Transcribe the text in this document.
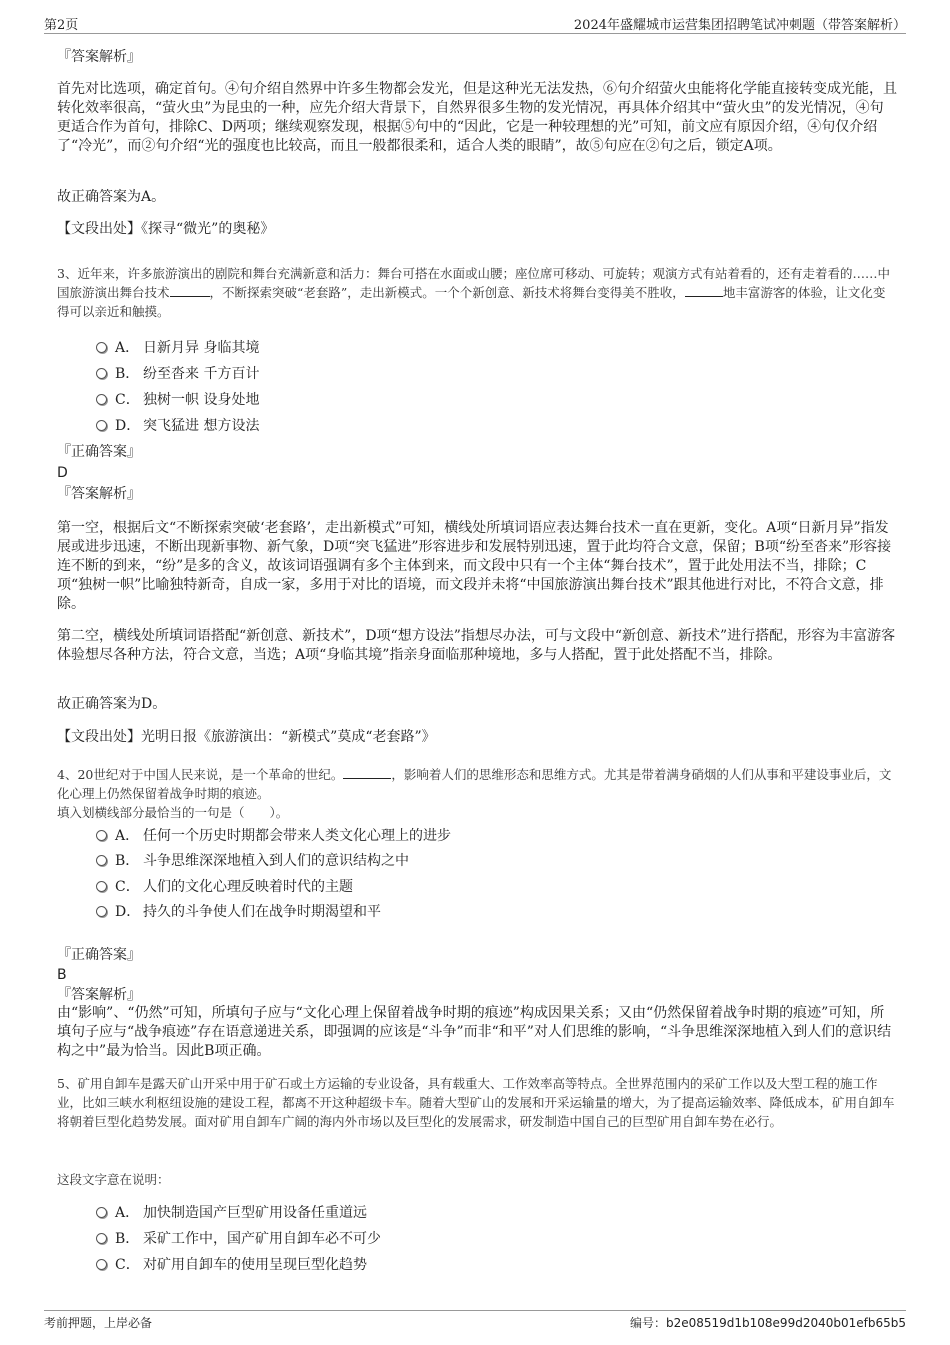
第2页	2024年盛耀城市运营集团招聘笔试冲刺题（带答案解析）
『答案解析』
首先对比选项，确定首句。④句介绍自然界中许多生物都会发光，但是这种光无法发热，⑥句介绍萤火虫能将化学能直接转变成光能，且转化效率很高，“萤火虫”为昆虫的一种，应先介绍大背景下，自然界很多生物的发光情况，再具体介绍其中“萤火虫”的发光情况，④句更适合作为首句，排除C、D两项；继续观察发现，根据⑤句中的“因此，它是一种较理想的光”可知，前文应有原因介绍，④句仅介绍了“冷光”，而②句介绍“光的强度也比较高，而且一般都很柔和，适合人类的眼睛”，故⑤句应在②句之后，锁定A项。
故正确答案为A。
【文段出处】《探寻“微光”的奥秘》
3、近年来，许多旅游演出的剧院和舞台充满新意和活力：舞台可搭在水面或山腰；座位席可移动、可旋转；观演方式有站着看的，还有走着看的……中国旅游演出舞台技术	，不断探索突破“老套路”，走出新模式。一个个新创意、新技术将舞台变得美不胜收，	地丰富游客的体验，让文化变得可以亲近和触摸。
A． 日新月异 身临其境
B． 纷至沓来 千方百计
C． 独树一帜 设身处地
D． 突飞猛进 想方设法
『正确答案』
D
『答案解析』
第一空，根据后文“不断探索突破‘老套路’，走出新模式”可知，横线处所填词语应表达舞台技术一直在更新，变化。A项“日新月异”指发展或进步迅速，不断出现新事物、新气象，D项“突飞猛进”形容进步和发展特别迅速，置于此均符合文意，保留；B项“纷至沓来”形容接连不断的到来，“纷”是多的含义，故该词语强调有多个主体到来，而文段中只有一个主体“舞台技术”，置于此处用法不当，排除；C项“独树一帜”比喻独特新奇，自成一家，多用于对比的语境，而文段并未将“中国旅游演出舞台技术”跟其他进行对比，不符合文意，排除。
第二空，横线处所填词语搭配“新创意、新技术”，D项“想方设法”指想尽办法，可与文段中“新创意、新技术”进行搭配，形容为丰富游客体验想尽各种方法，符合文意，当选；A项“身临其境”指亲身面临那种境地，多与人搭配，置于此处搭配不当，排除。
故正确答案为D。
【文段出处】光明日报《旅游演出：“新模式”莫成“老套路”》
4、20世纪对于中国人民来说，是一个革命的世纪。	，影响着人们的思维形态和思维方式。尤其是带着满身硝烟的人们从事和平建设事业后，文化心理上仍然保留着战争时期的痕迹。
填入划横线部分最恰当的一句是（　　）。
A． 任何一个历史时期都会带来人类文化心理上的进步
B． 斗争思维深深地植入到人们的意识结构之中
C． 人们的文化心理反映着时代的主题
D． 持久的斗争使人们在战争时期渴望和平
『正确答案』
B
『答案解析』
由“影响”、“仍然”可知，所填句子应与“文化心理上保留着战争时期的痕迹”构成因果关系；又由“仍然保留着战争时期的痕迹”可知，所填句子应与“战争痕迹”存在语意递进关系，即强调的应该是“斗争”而非“和平”对人们思维的影响，“斗争思维深深地植入到人们的意识结构之中”最为恰当。因此B项正确。
5、矿用自卸车是露天矿山开采中用于矿石或土方运输的专业设备，具有载重大、工作效率高等特点。全世界范围内的采矿工作以及大型工程的施工作业，比如三峡水利枢纽设施的建设工程，都离不开这种超级卡车。随着大型矿山的发展和开采运输量的增大，为了提高运输效率、降低成本，矿用自卸车将朝着巨型化趋势发展。面对矿用自卸车广阔的海内外市场以及巨型化的发展需求，研发制造中国自己的巨型矿用自卸车势在必行。
这段文字意在说明：
A． 加快制造国产巨型矿用设备任重道远
B． 采矿工作中，国产矿用自卸车必不可少
C． 对矿用自卸车的使用呈现巨型化趋势
考前押题，上岸必备	编号：b2e08519d1b108e99d2040b01efb65b5
